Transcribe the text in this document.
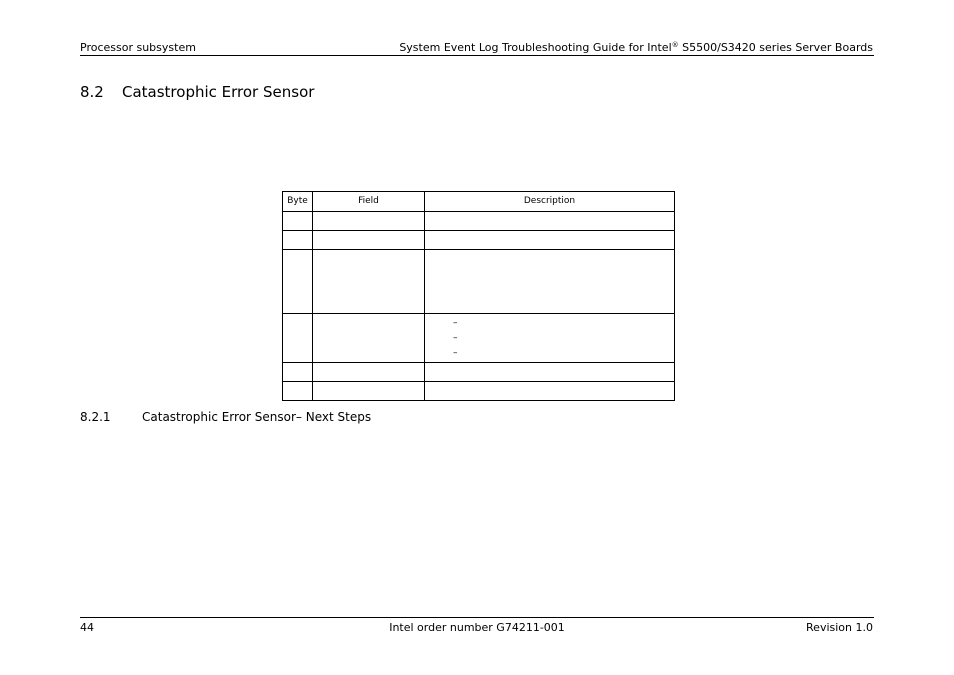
Processor subsystem	System Event Log Troubleshooting Guide for Intel® S5500/S3420 series Server Boards
8.2 Catastrophic Error Sensor
Byte	Field	Description

		–
–
–

8.2.1	Catastrophic Error Sensor– Next Steps
44	Intel order number G74211-001	Revision 1.0
